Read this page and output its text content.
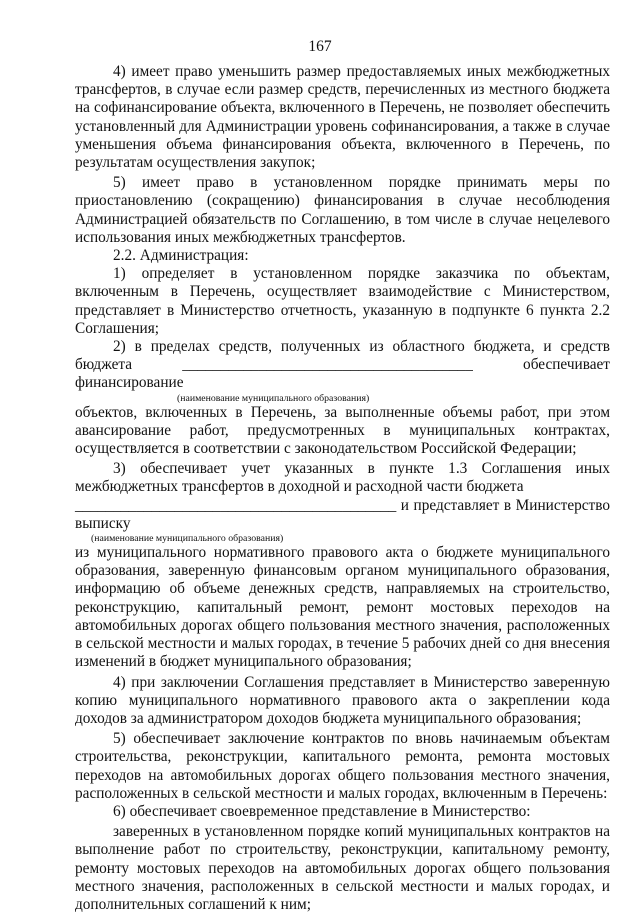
167

4) имеет право уменьшить размер предоставляемых иных межбюджетных трансфертов, в случае если размер средств, перечисленных из местного бюджета на софинансирование объекта, включенного в Перечень, не позволяет обеспечить установленный для Администрации уровень софинансирования, а также в случае уменьшения объема финансирования объекта, включенного в Перечень, по результатам осуществления закупок;

5) имеет право в установленном порядке принимать меры по приостановлению (сокращению) финансирования в случае несоблюдения Администрацией обязательств по Соглашению, в том числе в случае нецелевого использования иных межбюджетных трансфертов.

2.2. Администрация:

1) определяет в установленном порядке заказчика по объектам, включенным в Перечень, осуществляет взаимодействие с Министерством, представляет в Министерство отчетность, указанную в подпункте 6 пункта 2.2 Соглашения;

2) в пределах средств, полученных из областного бюджета, и средств

бюджета ______________________________________ обеспечивает финансирование

(наименование муниципального образования)

объектов, включенных в Перечень, за выполненные объемы работ, при этом авансирование работ, предусмотренных в муниципальных контрактах, осуществляется в соответствии с законодательством Российской Федерации;

3) обеспечивает учет указанных в пункте 1.3 Соглашения иных межбюджетных трансфертов в доходной и расходной части бюджета

__________________________________________ и представляет в Министерство выписку

(наименование муниципального образования)

из муниципального нормативного правового акта о бюджете муниципального образования, заверенную финансовым органом муниципального образования, информацию об объеме денежных средств, направляемых на строительство, реконструкцию, капитальный ремонт, ремонт мостовых переходов на автомобильных дорогах общего пользования местного значения, расположенных в сельской местности и малых городах, в течение 5 рабочих дней со дня внесения изменений в бюджет муниципального образования;

4) при заключении Соглашения представляет в Министерство заверенную копию муниципального нормативного правового акта о закреплении кода доходов за администратором доходов бюджета муниципального образования;

5) обеспечивает заключение контрактов по вновь начинаемым объектам строительства, реконструкции, капитального ремонта, ремонта мостовых переходов на автомобильных дорогах общего пользования местного значения, расположенных в сельской местности и малых городах, включенным в Перечень:

6) обеспечивает своевременное представление в Министерство:

заверенных в установленном порядке копий муниципальных контрактов на выполнение работ по строительству, реконструкции, капитальному ремонту, ремонту мостовых переходов на автомобильных дорогах общего пользования местного значения, расположенных в сельской местности и малых городах, и дополнительных соглашений к ним;
